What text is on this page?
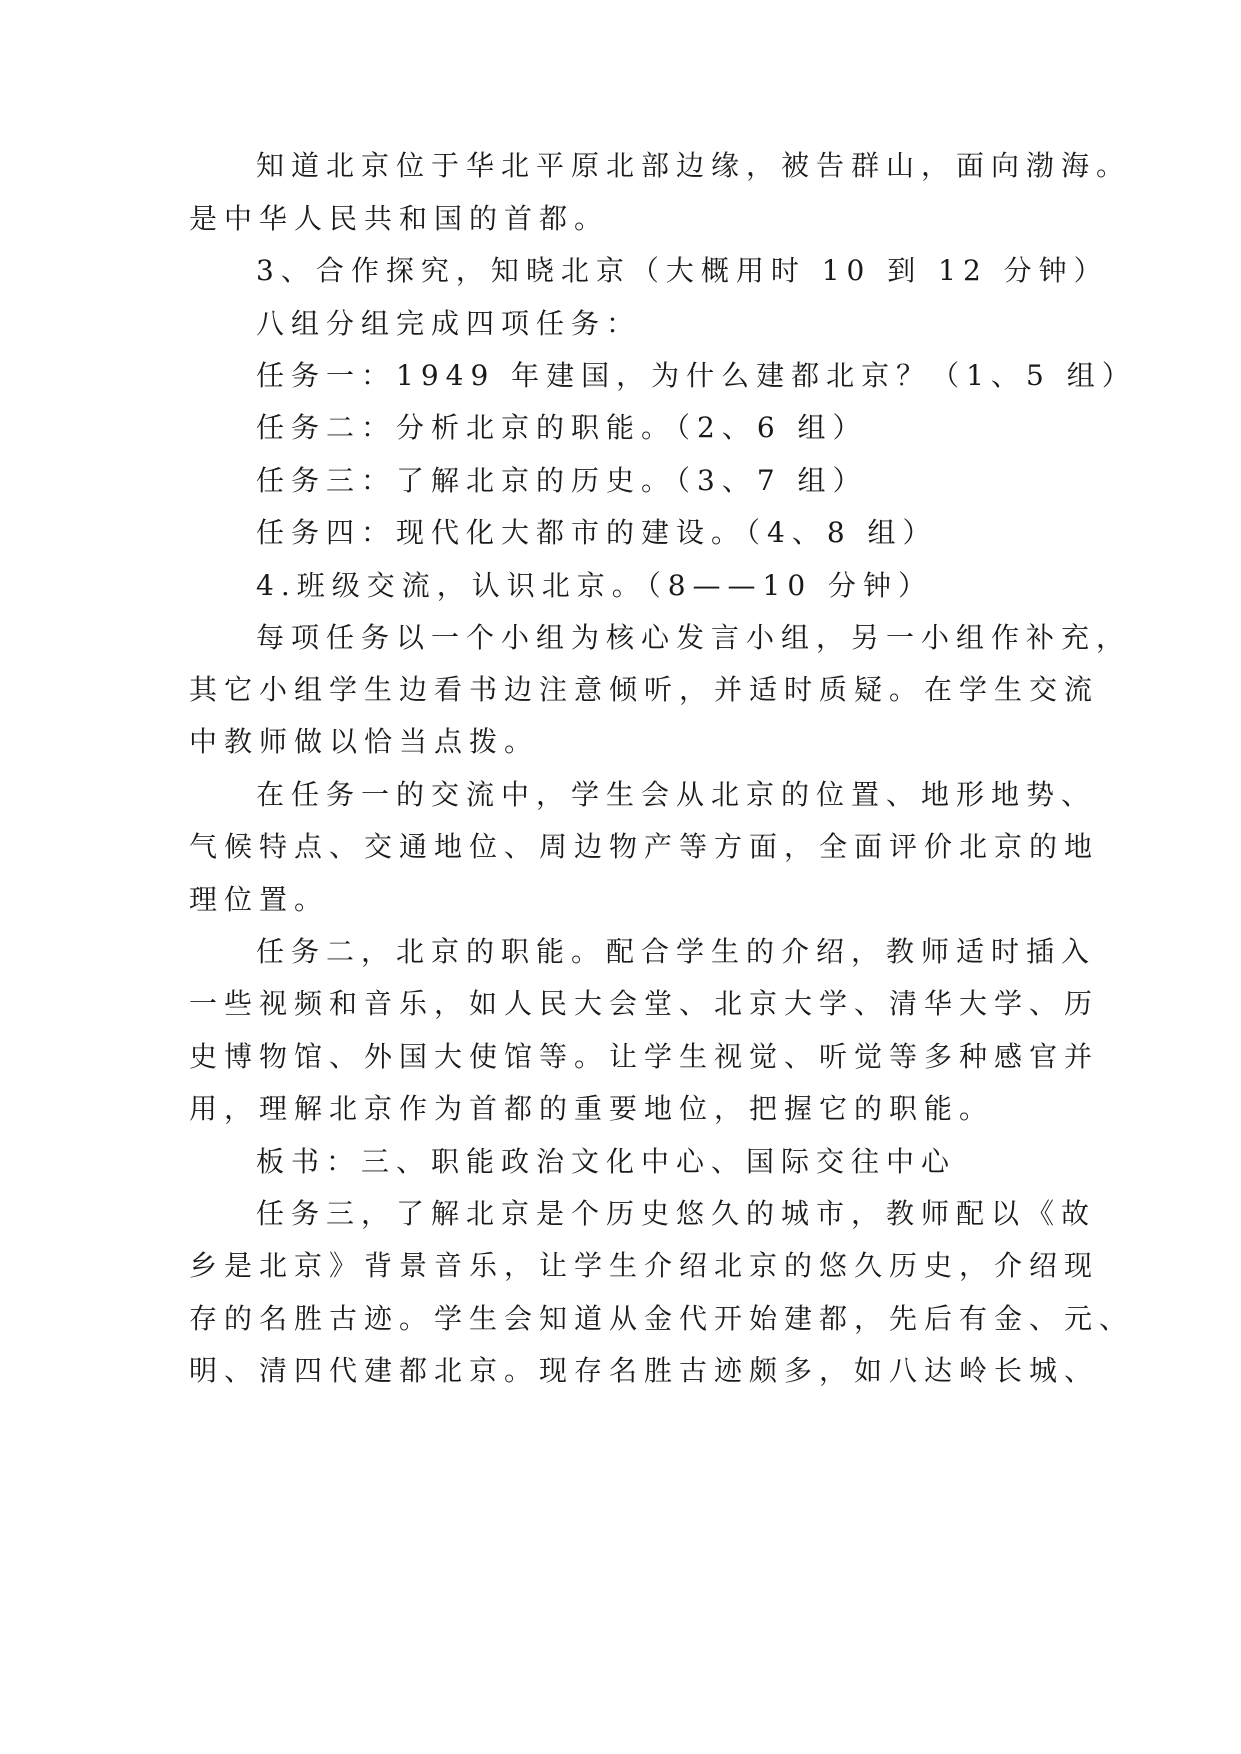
知道北京位于华北平原北部边缘，被告群山，面向渤海。
是中华人民共和国的首都。
3、合作探究，知晓北京（大概用时 10 到 12 分钟）
八组分组完成四项任务：
任务一：1949 年建国，为什么建都北京？（1、5 组）
任务二：分析北京的职能。（2、6 组）
任务三：了解北京的历史。（3、7 组）
任务四：现代化大都市的建设。（4、8 组）
4.班级交流，认识北京。（8——10 分钟）
每项任务以一个小组为核心发言小组，另一小组作补充，
其它小组学生边看书边注意倾听，并适时质疑。在学生交流
中教师做以恰当点拨。
在任务一的交流中，学生会从北京的位置、地形地势、
气候特点、交通地位、周边物产等方面，全面评价北京的地
理位置。
任务二，北京的职能。配合学生的介绍，教师适时插入
一些视频和音乐，如人民大会堂、北京大学、清华大学、历
史博物馆、外国大使馆等。让学生视觉、听觉等多种感官并
用，理解北京作为首都的重要地位，把握它的职能。
板书：三、职能政治文化中心、国际交往中心
任务三，了解北京是个历史悠久的城市，教师配以《故
乡是北京》背景音乐，让学生介绍北京的悠久历史，介绍现
存的名胜古迹。学生会知道从金代开始建都，先后有金、元、
明、清四代建都北京。现存名胜古迹颇多，如八达岭长城、
